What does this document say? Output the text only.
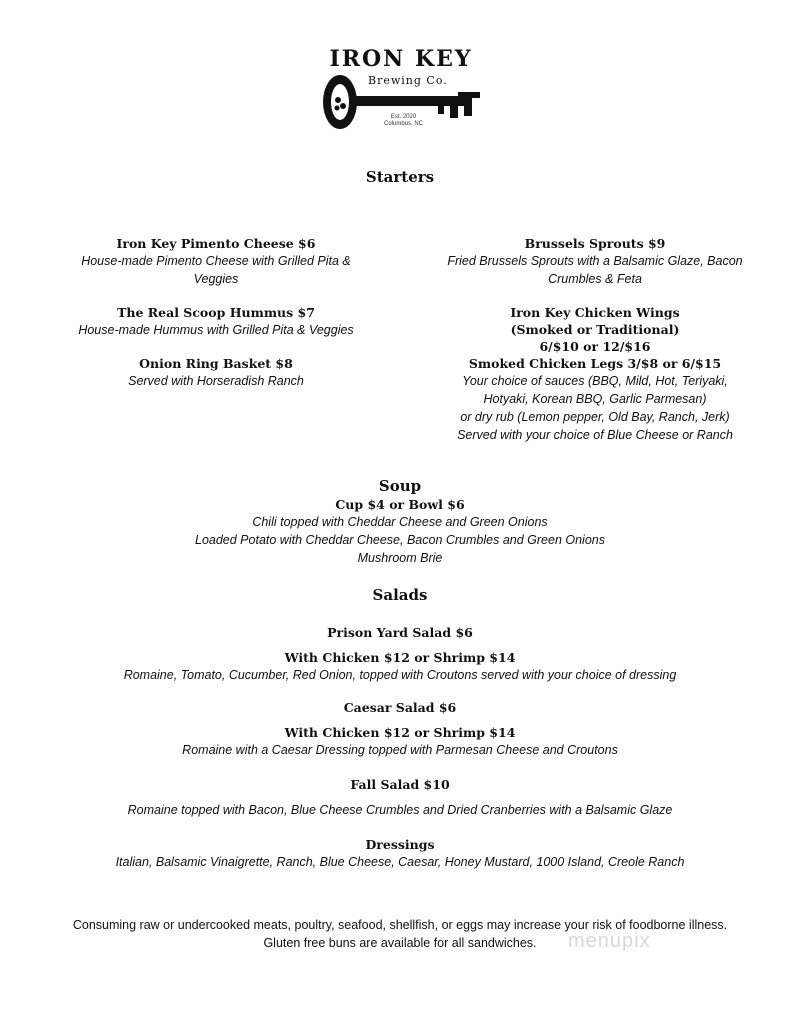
IRON KEY
Brewing Co.
Est. 2020
Columbus, NC
Starters
Iron Key Pimento Cheese $6
House-made Pimento Cheese with Grilled Pita &
Veggies
The Real Scoop Hummus $7
House-made Hummus with Grilled Pita & Veggies
Onion Ring Basket $8
Served with Horseradish Ranch
Brussels Sprouts $9
Fried Brussels Sprouts with a Balsamic Glaze, Bacon
Crumbles & Feta
Iron Key Chicken Wings
(Smoked or Traditional)
6/$10 or 12/$16
Smoked Chicken Legs 3/$8 or 6/$15
Your choice of sauces (BBQ, Mild, Hot, Teriyaki,
Hotyaki, Korean BBQ, Garlic Parmesan)
or dry rub (Lemon pepper, Old Bay, Ranch, Jerk)
Served with your choice of Blue Cheese or Ranch
Soup
Cup $4 or Bowl $6
Chili topped with Cheddar Cheese and Green Onions
Loaded Potato with Cheddar Cheese, Bacon Crumbles and Green Onions
Mushroom Brie
Salads
Prison Yard Salad $6
With Chicken $12 or Shrimp $14
Romaine, Tomato, Cucumber, Red Onion, topped with Croutons served with your choice of dressing
Caesar Salad $6
With Chicken $12 or Shrimp $14
Romaine with a Caesar Dressing topped with Parmesan Cheese and Croutons
Fall Salad $10
Romaine topped with Bacon, Blue Cheese Crumbles and Dried Cranberries with a Balsamic Glaze
Dressings
Italian, Balsamic Vinaigrette, Ranch, Blue Cheese, Caesar, Honey Mustard, 1000 Island, Creole Ranch
Consuming raw or undercooked meats, poultry, seafood, shellfish, or eggs may increase your risk of foodborne illness.
Gluten free buns are available for all sandwiches.	menupix
